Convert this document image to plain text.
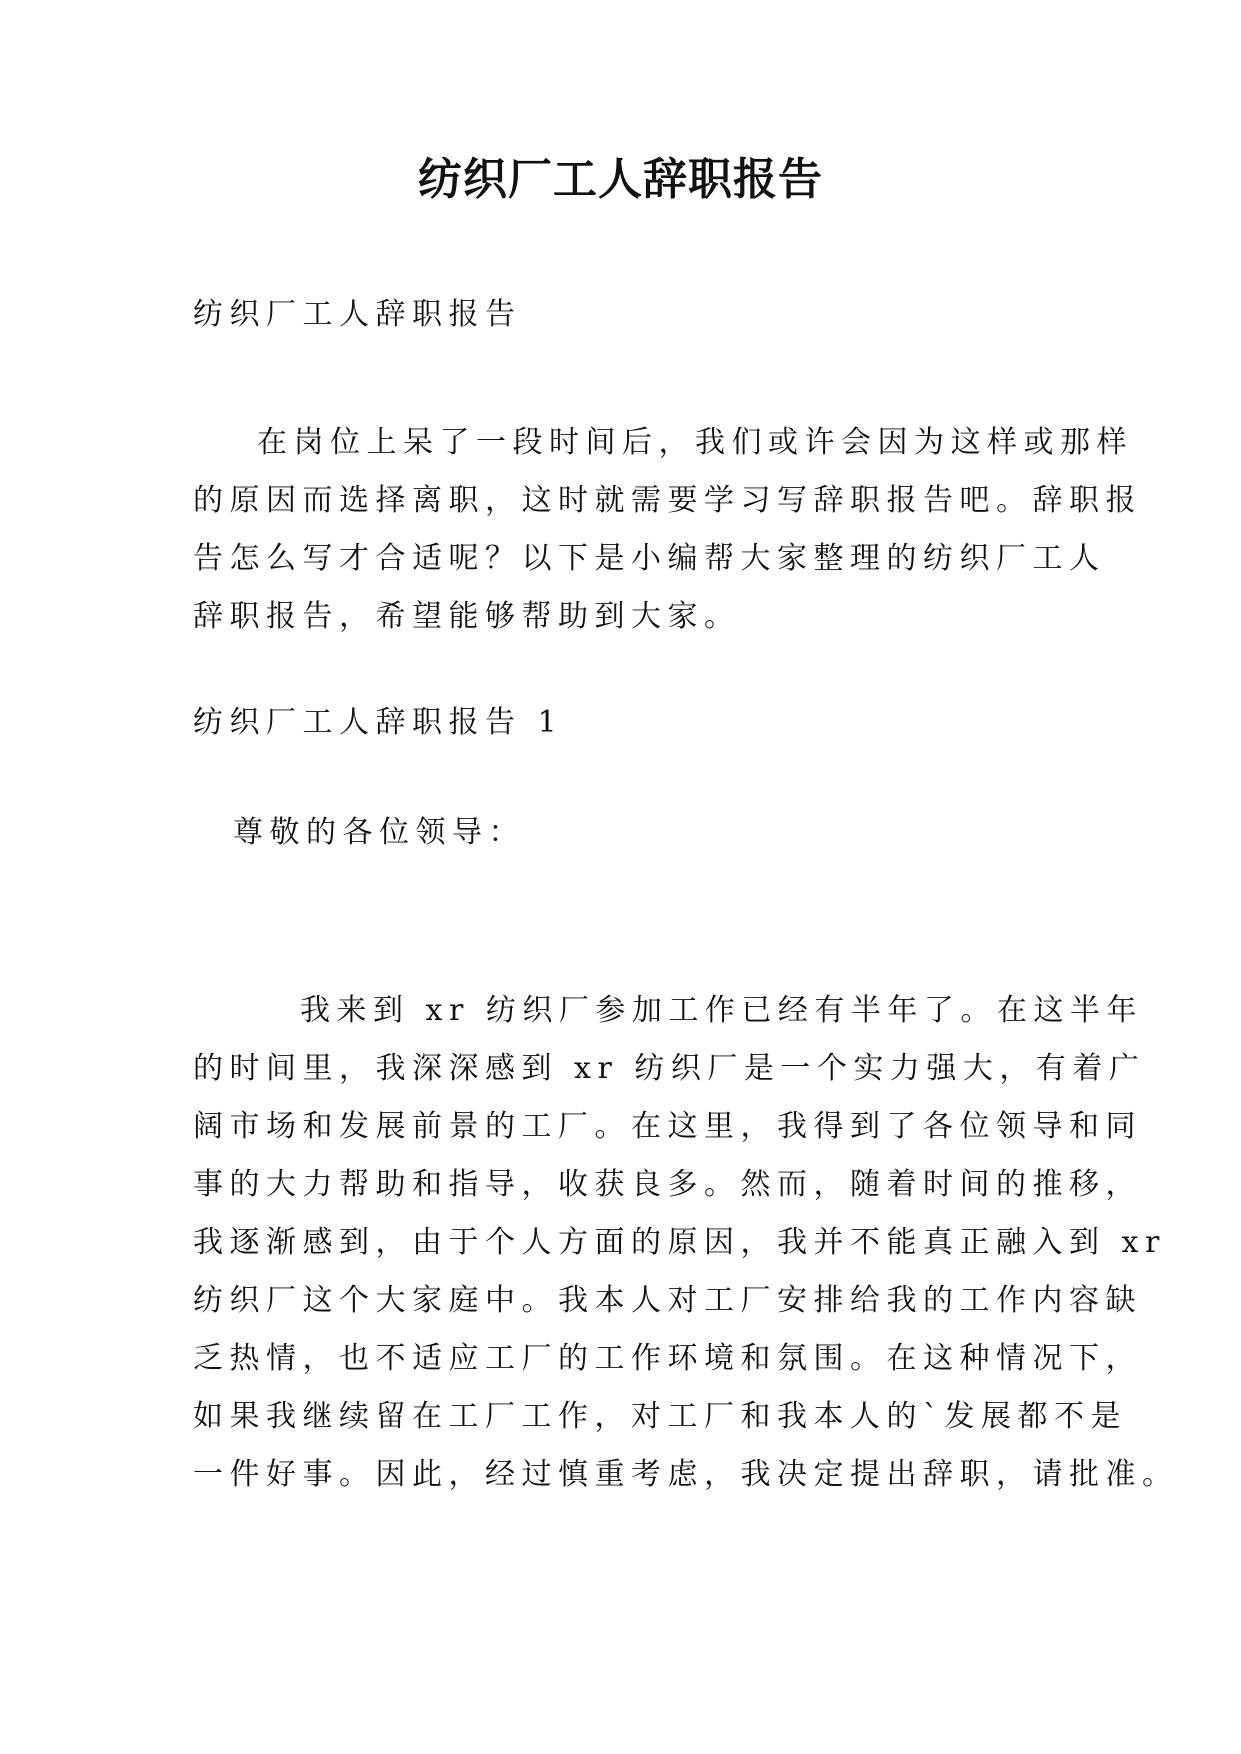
纺织厂工人辞职报告

纺织厂工人辞职报告

在岗位上呆了一段时间后，我们或许会因为这样或那样

的原因而选择离职，这时就需要学习写辞职报告吧。辞职报

告怎么写才合适呢？以下是小编帮大家整理的纺织厂工人

辞职报告，希望能够帮助到大家。

纺织厂工人辞职报告 1

尊敬的各位领导：

我来到 xr 纺织厂参加工作已经有半年了。在这半年

的时间里，我深深感到 xr 纺织厂是一个实力强大，有着广

阔市场和发展前景的工厂。在这里，我得到了各位领导和同

事的大力帮助和指导，收获良多。然而，随着时间的推移，

我逐渐感到，由于个人方面的原因，我并不能真正融入到 xr

纺织厂这个大家庭中。我本人对工厂安排给我的工作内容缺

乏热情，也不适应工厂的工作环境和氛围。在这种情况下，

如果我继续留在工厂工作，对工厂和我本人的`发展都不是

一件好事。因此，经过慎重考虑，我决定提出辞职，请批准。
